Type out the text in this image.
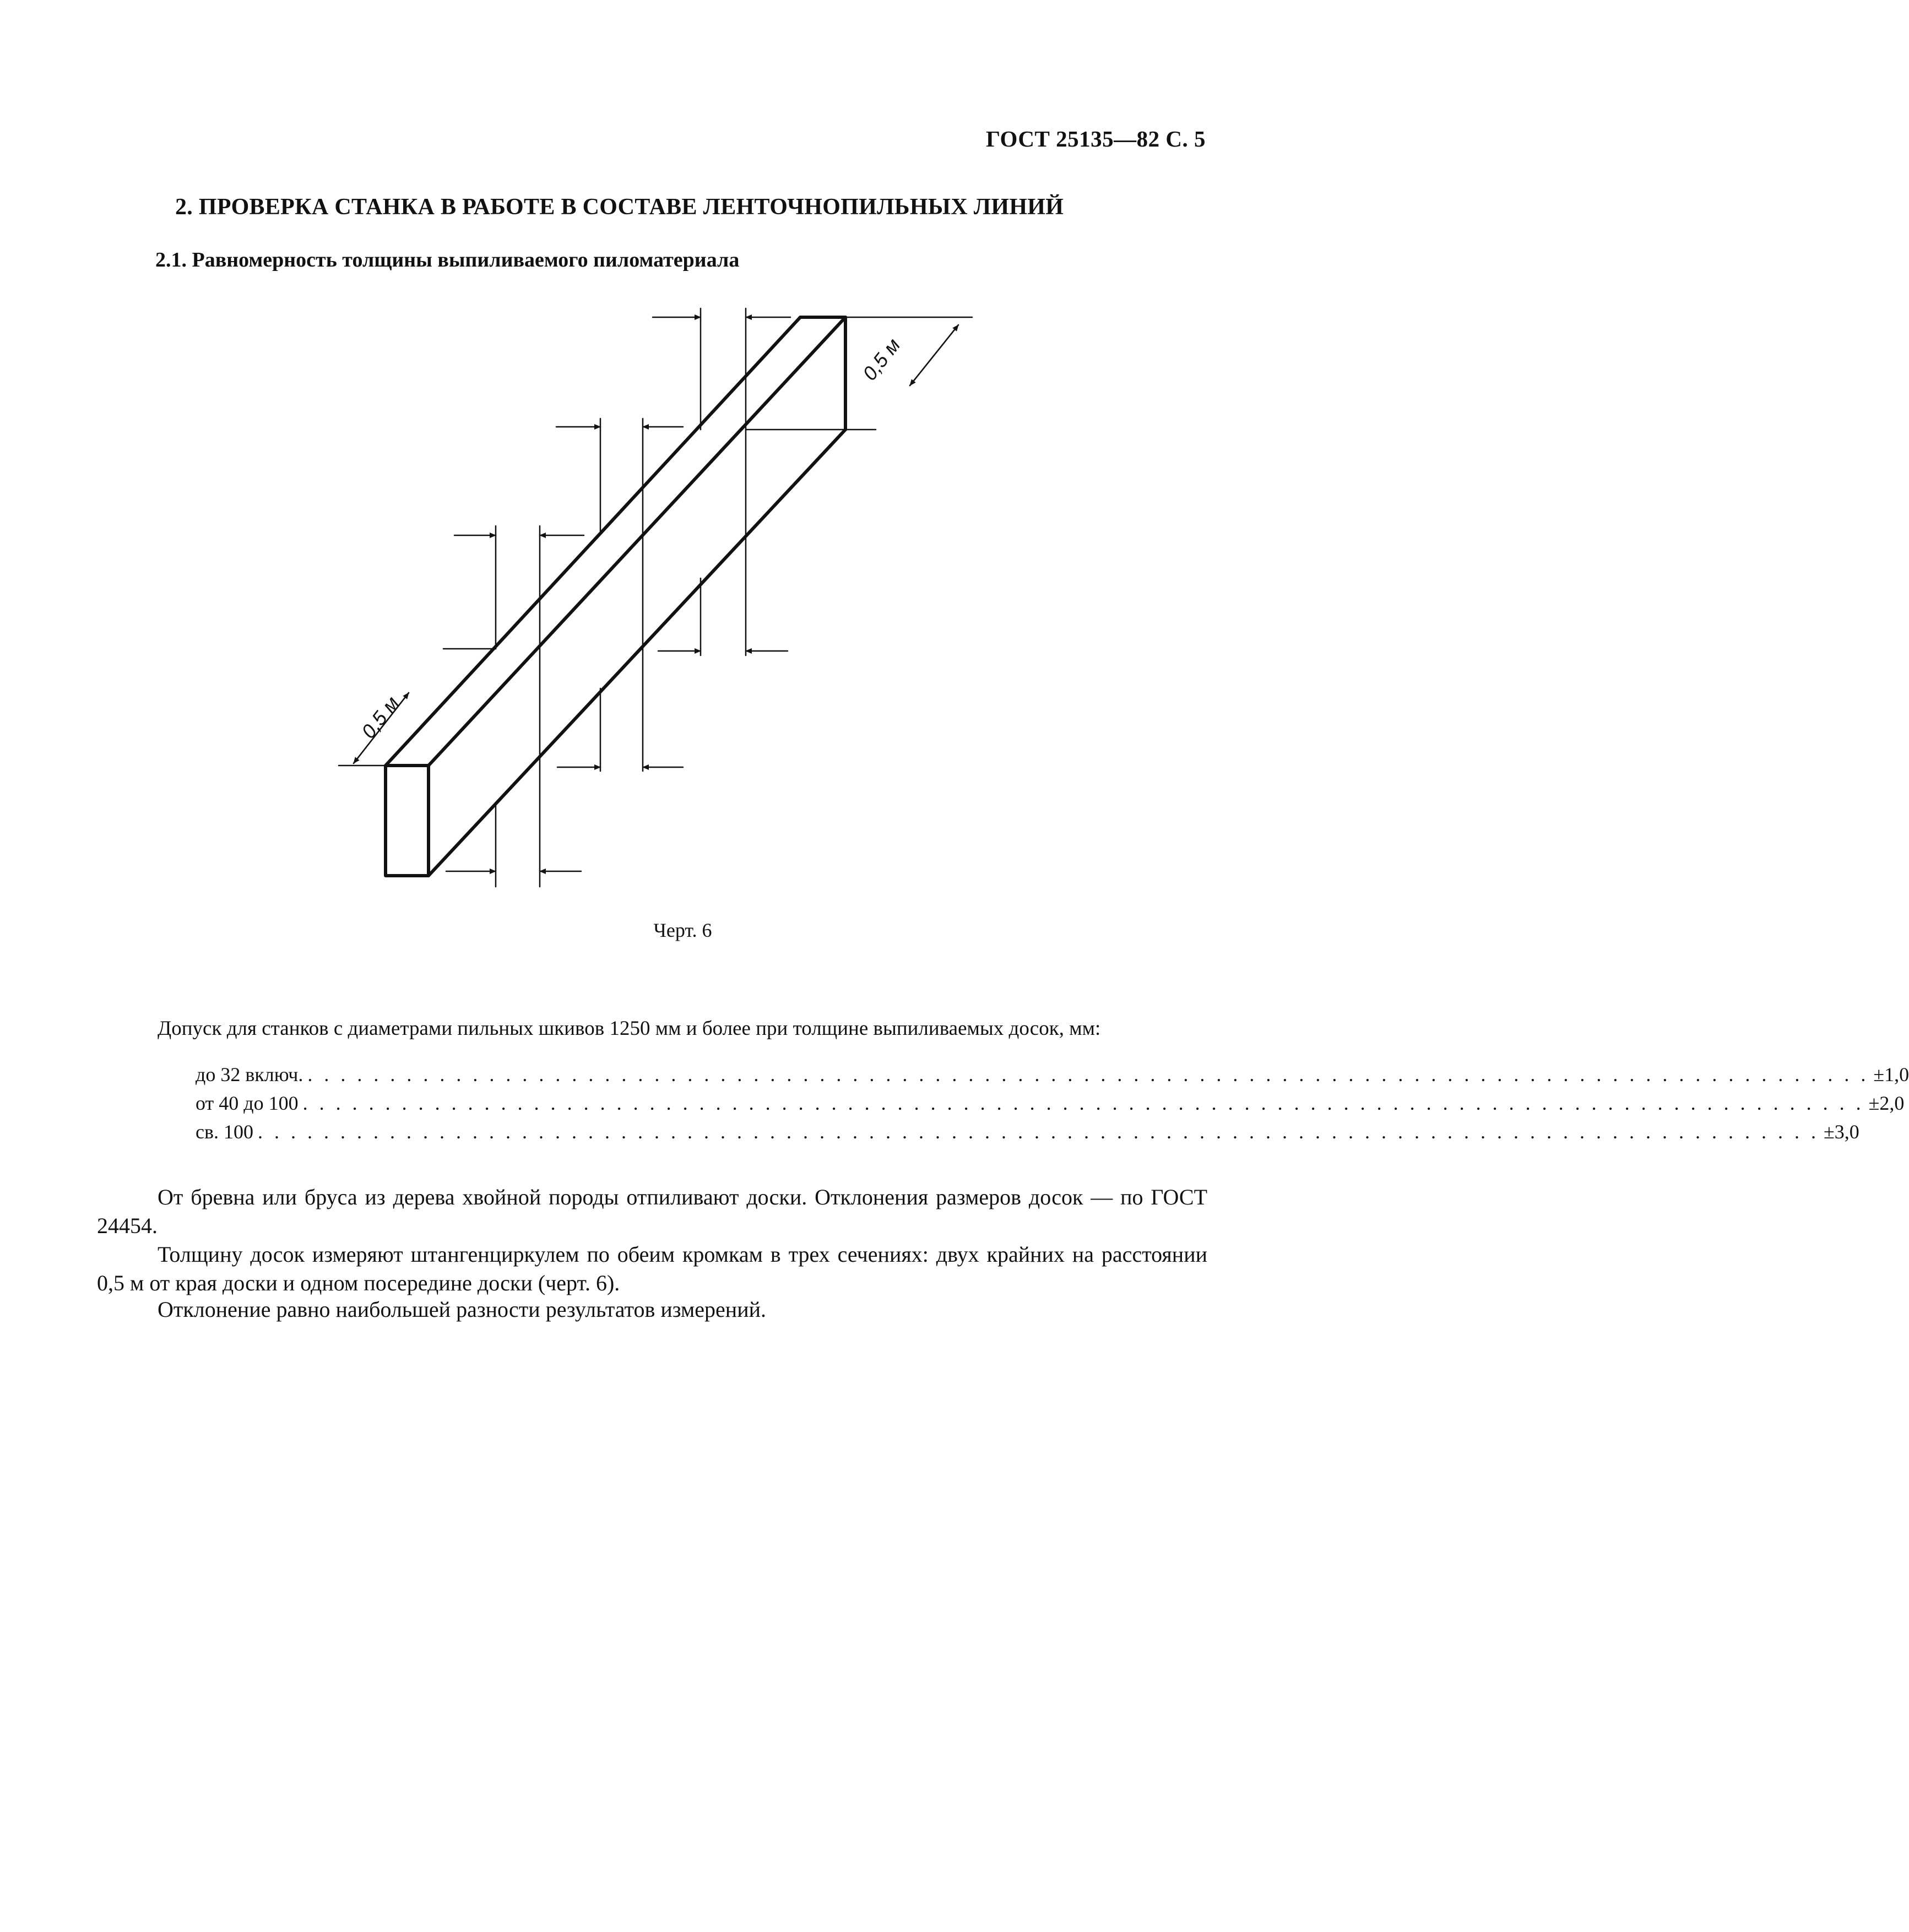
ГОСТ 25135—82 С. 5
2. ПРОВЕРКА СТАНКА В РАБОТЕ В СОСТАВЕ ЛЕНТОЧНОПИЛЬНЫХ ЛИНИЙ
2.1. Равномерность толщины выпиливаемого пиломатериала
0,5 м
0,5 м
Черт. 6
Допуск для станков с диаметрами пильных шкивов 1250 мм и более при толщине выпиливаемых досок, мм:
до 32 включ. . . . . . . . . . . . . . . . . . . . . . . . . . . . . . . . . . . . . . . . . . . . . . . . . . . . . . . . . . . . . . . . . . . . . . . . . . . . . . . . . . . . . . . . . . . . . . . . ±1,0
от 40 до 100 . . . . . . . . . . . . . . . . . . . . . . . . . . . . . . . . . . . . . . . . . . . . . . . . . . . . . . . . . . . . . . . . . . . . . . . . . . . . . . . . . . . . . . . . . . . . . . . ±2,0
св. 100 . . . . . . . . . . . . . . . . . . . . . . . . . . . . . . . . . . . . . . . . . . . . . . . . . . . . . . . . . . . . . . . . . . . . . . . . . . . . . . . . . . . . . . . . . . . . . . . ±3,0
От бревна или бруса из дерева хвойной породы отпиливают доски. Отклонения размеров досок — по ГОСТ 24454.
Толщину досок измеряют штангенциркулем по обеим кромкам в трех сечениях: двух крайних на расстоянии 0,5 м от края доски и одном посередине доски (черт. 6).
Отклонение равно наибольшей разности результатов измерений.
